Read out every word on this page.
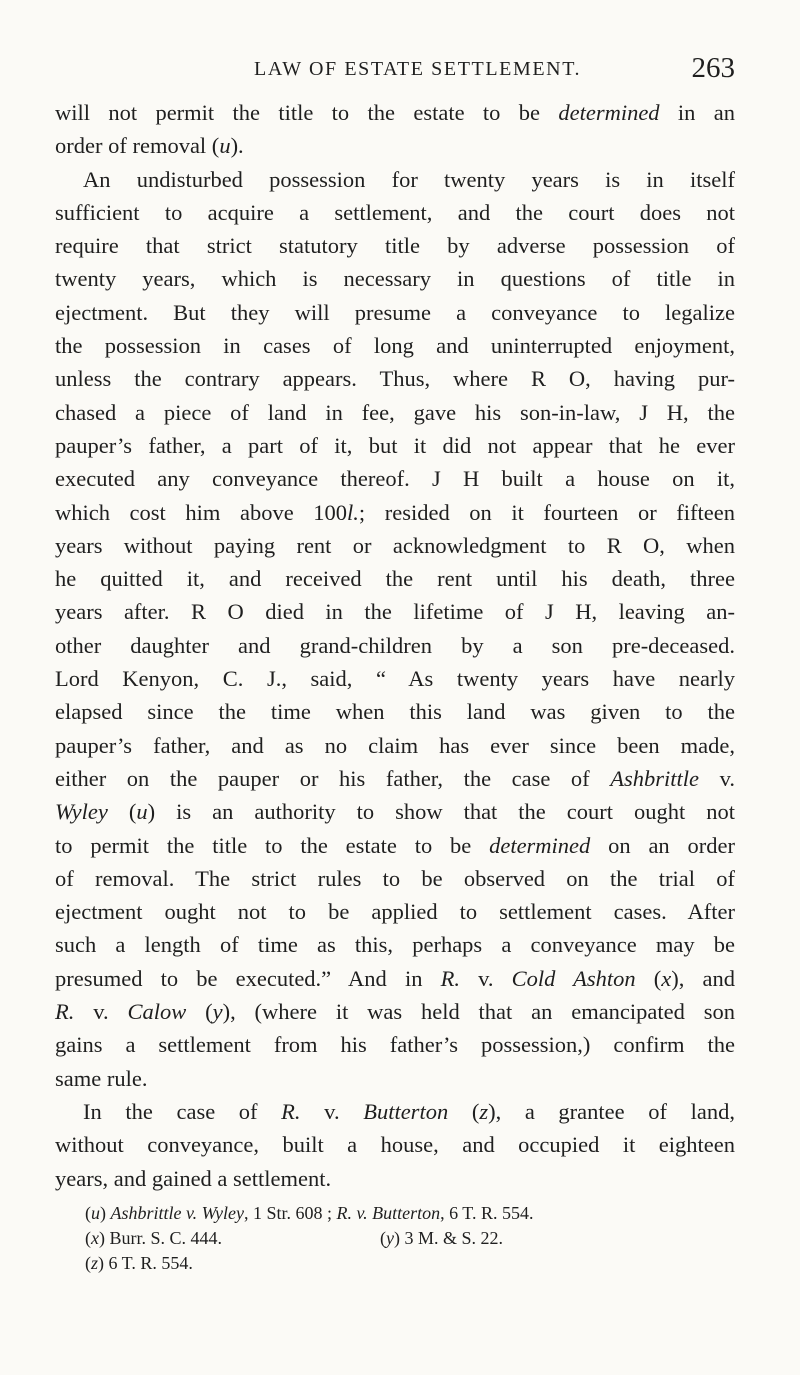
LAW OF ESTATE SETTLEMENT.	263
will not permit the title to the estate to be determined in an
order of removal (u).
An undisturbed possession for twenty years is in itself
sufficient to acquire a settlement, and the court does not
require that strict statutory title by adverse possession of
twenty years, which is necessary in questions of title in
ejectment. But they will presume a conveyance to legalize
the possession in cases of long and uninterrupted enjoyment,
unless the contrary appears. Thus, where R O, having pur-
chased a piece of land in fee, gave his son-in-law, J H, the
pauper’s father, a part of it, but it did not appear that he ever
executed any conveyance thereof. J H built a house on it,
which cost him above 100l.; resided on it fourteen or fifteen
years without paying rent or acknowledgment to R O, when
he quitted it, and received the rent until his death, three
years after. R O died in the lifetime of J H, leaving an-
other daughter and grand-children by a son pre-deceased.
Lord Kenyon, C. J., said, “ As twenty years have nearly
elapsed since the time when this land was given to the
pauper’s father, and as no claim has ever since been made,
either on the pauper or his father, the case of Ashbrittle v.
Wyley (u) is an authority to show that the court ought not
to permit the title to the estate to be determined on an order
of removal. The strict rules to be observed on the trial of
ejectment ought not to be applied to settlement cases. After
such a length of time as this, perhaps a conveyance may be
presumed to be executed.” And in R. v. Cold Ashton (x), and
R. v. Calow (y), (where it was held that an emancipated son
gains a settlement from his father’s possession,) confirm the
same rule.
In the case of R. v. Butterton (z), a grantee of land,
without conveyance, built a house, and occupied it eighteen
years, and gained a settlement.
(u) Ashbrittle v. Wyley, 1 Str. 608 ; R. v. Butterton, 6 T. R. 554.
(x) Burr. S. C. 444.	(y) 3 M. & S. 22.
(z) 6 T. R. 554.
